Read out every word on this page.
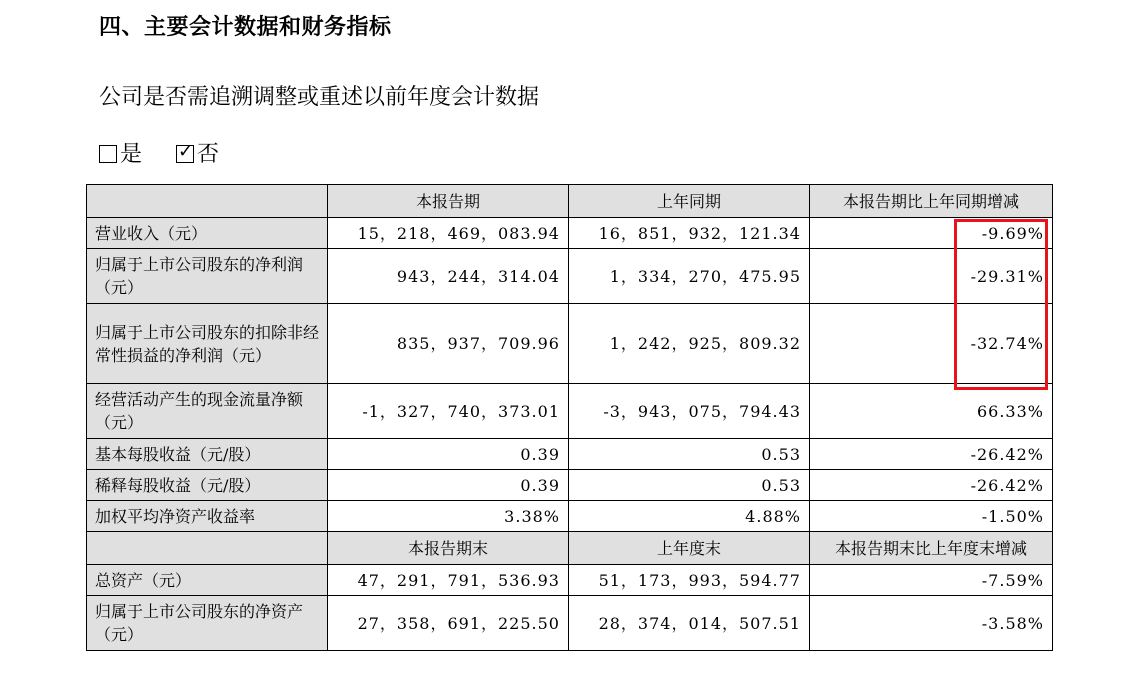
四、主要会计数据和财务指标
公司是否需追溯调整或重述以前年度会计数据
是 ✓	否
	本报告期	上年同期	本报告期比上年同期增减
营业收入（元）	15，218，469，083.94	16，851，932，121.34	-9.69%
归属于上市公司股东的净利润（元）	943，244，314.04	1，334，270，475.95	-29.31%
归属于上市公司股东的扣除非经常性损益的净利润（元）	835，937，709.96	1，242，925，809.32	-32.74%
经营活动产生的现金流量净额（元）	-1，327，740，373.01	-3，943，075，794.43	66.33%
基本每股收益（元/股）	0.39	0.53	-26.42%
稀释每股收益（元/股）	0.39	0.53	-26.42%
加权平均净资产收益率	3.38%	4.88%	-1.50%
	本报告期末	上年度末	本报告期末比上年度末增减
总资产（元）	47，291，791，536.93	51，173，993，594.77	-7.59%
归属于上市公司股东的净资产（元）	27，358，691，225.50	28，374，014，507.51	-3.58%
